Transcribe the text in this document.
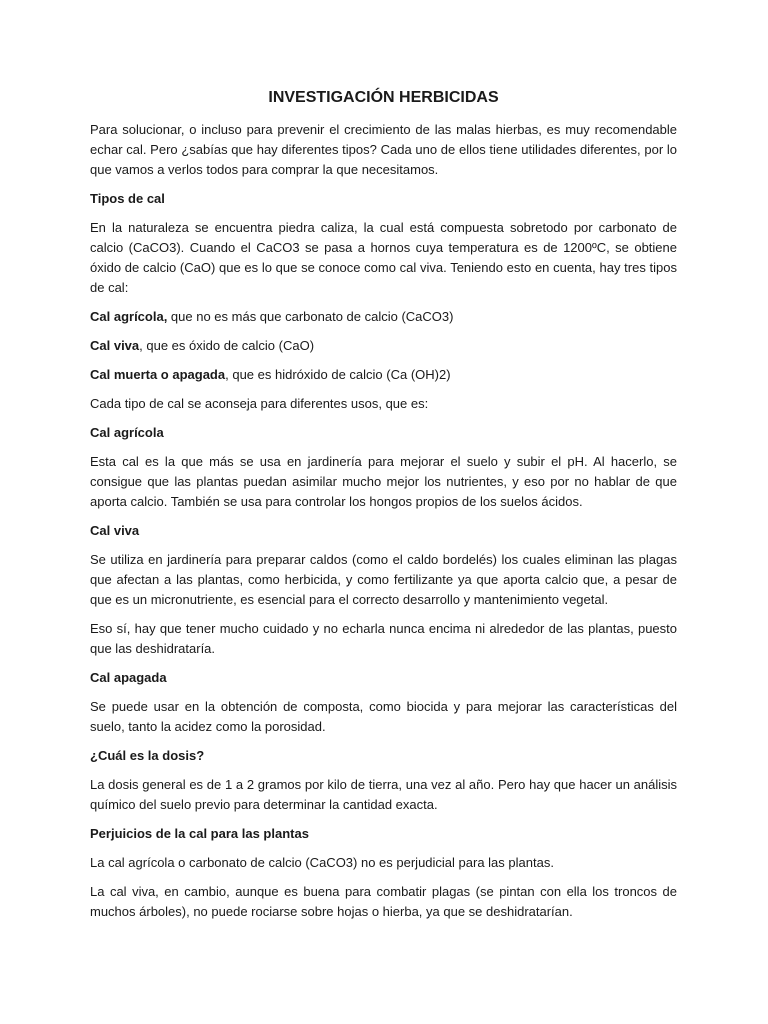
INVESTIGACIÓN HERBICIDAS

Para solucionar, o incluso para prevenir el crecimiento de las malas hierbas, es muy recomendable echar cal. Pero ¿sabías que hay diferentes tipos? Cada uno de ellos tiene utilidades diferentes, por lo que vamos a verlos todos para comprar la que necesitamos.

Tipos de cal

En la naturaleza se encuentra piedra caliza, la cual está compuesta sobretodo por carbonato de calcio (CaCO3). Cuando el CaCO3 se pasa a hornos cuya temperatura es de 1200ºC, se obtiene óxido de calcio (CaO) que es lo que se conoce como cal viva. Teniendo esto en cuenta, hay tres tipos de cal:

Cal agrícola, que no es más que carbonato de calcio (CaCO3)
Cal viva, que es óxido de calcio (CaO)
Cal muerta o apagada, que es hidróxido de calcio (Ca (OH)2)

Cada tipo de cal se aconseja para diferentes usos, que es:

Cal agrícola

Esta cal es la que más se usa en jardinería para mejorar el suelo y subir el pH. Al hacerlo, se consigue que las plantas puedan asimilar mucho mejor los nutrientes, y eso por no hablar de que aporta calcio. También se usa para controlar los hongos propios de los suelos ácidos.

Cal viva

Se utiliza en jardinería para preparar caldos (como el caldo bordelés) los cuales eliminan las plagas que afectan a las plantas, como herbicida, y como fertilizante ya que aporta calcio que, a pesar de que es un micronutriente, es esencial para el correcto desarrollo y mantenimiento vegetal.

Eso sí, hay que tener mucho cuidado y no echarla nunca encima ni alrededor de las plantas, puesto que las deshidrataría.

Cal apagada

Se puede usar en la obtención de composta, como biocida y para mejorar las características del suelo, tanto la acidez como la porosidad.

¿Cuál es la dosis?

La dosis general es de 1 a 2 gramos por kilo de tierra, una vez al año. Pero hay que hacer un análisis químico del suelo previo para determinar la cantidad exacta.

Perjuicios de la cal para las plantas

La cal agrícola o carbonato de calcio (CaCO3) no es perjudicial para las plantas.

La cal viva, en cambio, aunque es buena para combatir plagas (se pintan con ella los troncos de muchos árboles), no puede rociarse sobre hojas o hierba, ya que se deshidratarían.
